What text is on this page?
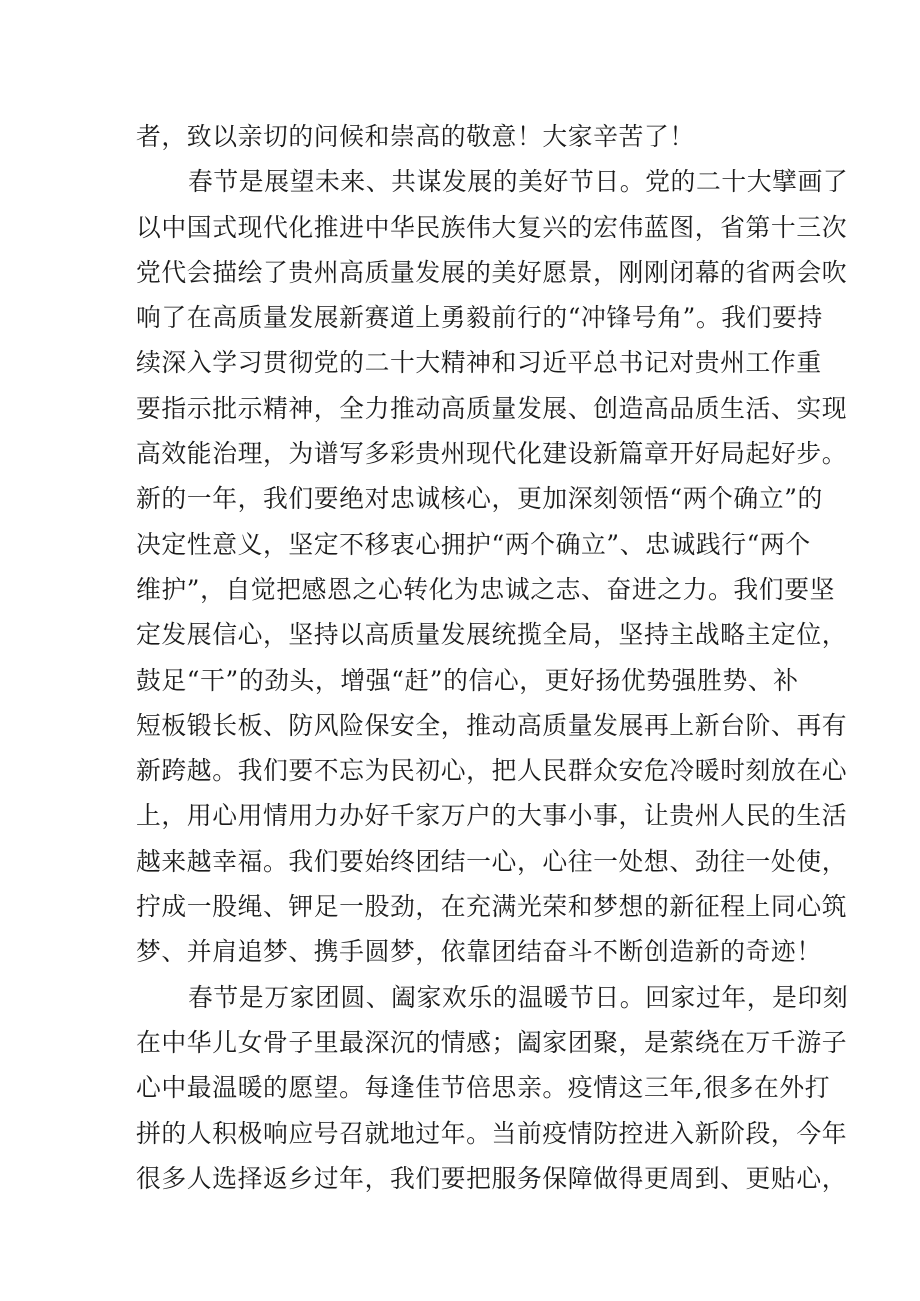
者，致以亲切的问候和崇高的敬意！大家辛苦了！
春节是展望未来、共谋发展的美好节日。党的二十大擘画了
以中国式现代化推进中华民族伟大复兴的宏伟蓝图，省第十三次
党代会描绘了贵州高质量发展的美好愿景，刚刚闭幕的省两会吹
响了在高质量发展新赛道上勇毅前行的“冲锋号角”。我们要持
续深入学习贯彻党的二十大精神和习近平总书记对贵州工作重
要指示批示精神，全力推动高质量发展、创造高品质生活、实现
高效能治理，为谱写多彩贵州现代化建设新篇章开好局起好步。
新的一年，我们要绝对忠诚核心，更加深刻领悟“两个确立”的
决定性意义，坚定不移衷心拥护“两个确立”、忠诚践行“两个
维护”，自觉把感恩之心转化为忠诚之志、奋进之力。我们要坚
定发展信心，坚持以高质量发展统揽全局，坚持主战略主定位，
鼓足“干”的劲头，增强“赶”的信心，更好扬优势强胜势、补
短板锻长板、防风险保安全，推动高质量发展再上新台阶、再有
新跨越。我们要不忘为民初心，把人民群众安危冷暖时刻放在心
上，用心用情用力办好千家万户的大事小事，让贵州人民的生活
越来越幸福。我们要始终团结一心，心往一处想、劲往一处使，
拧成一股绳、钾足一股劲，在充满光荣和梦想的新征程上同心筑
梦、并肩追梦、携手圆梦，依靠团结奋斗不断创造新的奇迹！
春节是万家团圆、阖家欢乐的温暖节日。回家过年，是印刻
在中华儿女骨子里最深沉的情感；阖家团聚，是萦绕在万千游子
心中最温暖的愿望。每逢佳节倍思亲。疫情这三年,很多在外打
拼的人积极响应号召就地过年。当前疫情防控进入新阶段，今年
很多人选择返乡过年，我们要把服务保障做得更周到、更贴心，
